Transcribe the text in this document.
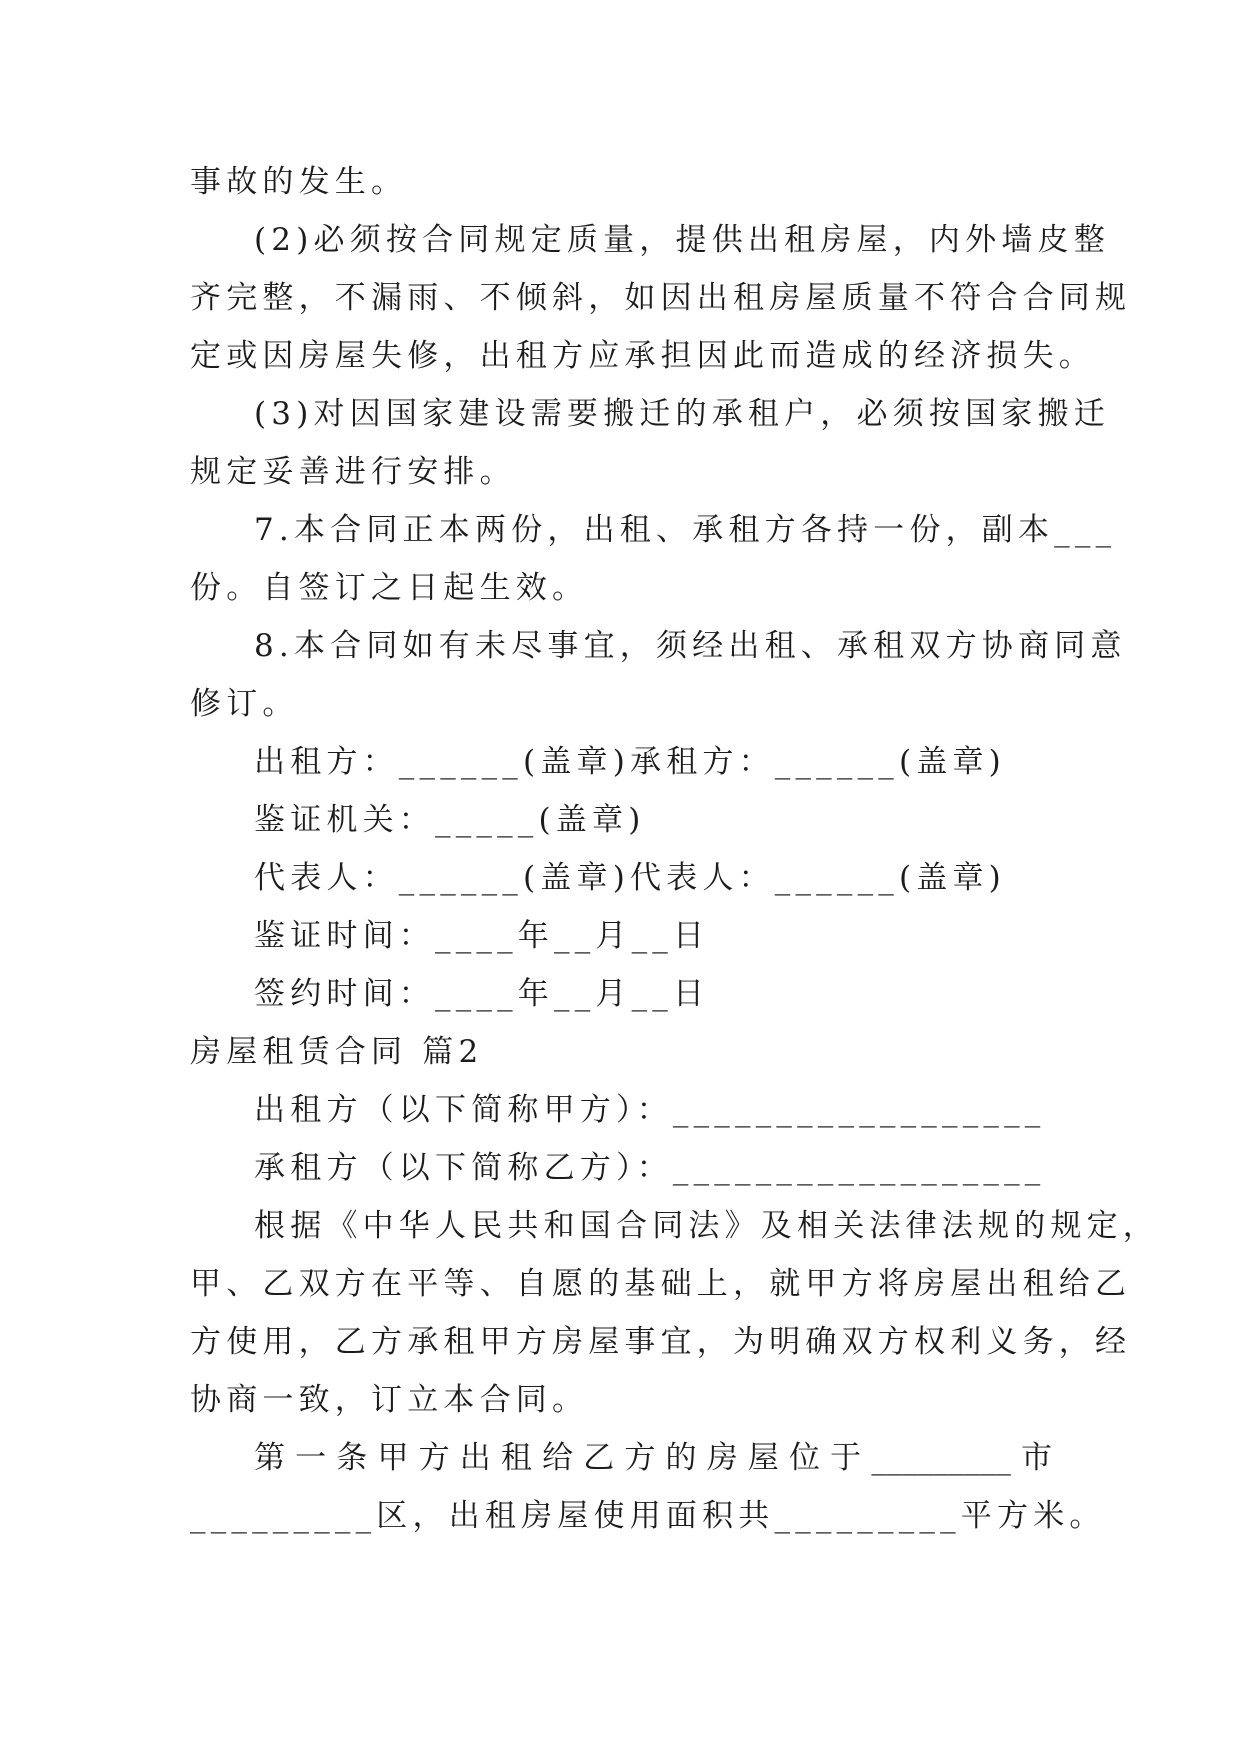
事故的发生。
(2)必须按合同规定质量，提供出租房屋，内外墙皮整
齐完整，不漏雨、不倾斜，如因出租房屋质量不符合合同规
定或因房屋失修，出租方应承担因此而造成的经济损失。
(3)对因国家建设需要搬迁的承租户，必须按国家搬迁
规定妥善进行安排。
7.本合同正本两份，出租、承租方各持一份，副本___
份。自签订之日起生效。
8.本合同如有未尽事宜，须经出租、承租双方协商同意
修订。
出租方：______(盖章)承租方：______(盖章)
鉴证机关：_____(盖章)
代表人：______(盖章)代表人：______(盖章)
鉴证时间：____年__月__日
签约时间：____年__月__日
房屋租赁合同 篇2
出租方（以下简称甲方）：__________________
承租方（以下简称乙方）：__________________
根据《中华人民共和国合同法》及相关法律法规的规定，
甲、乙双方在平等、自愿的基础上，就甲方将房屋出租给乙
方使用，乙方承租甲方房屋事宜，为明确双方权利义务，经
协商一致，订立本合同。
第一条甲方出租给乙方的房屋位于_________市
_________区，出租房屋使用面积共_________平方米。
